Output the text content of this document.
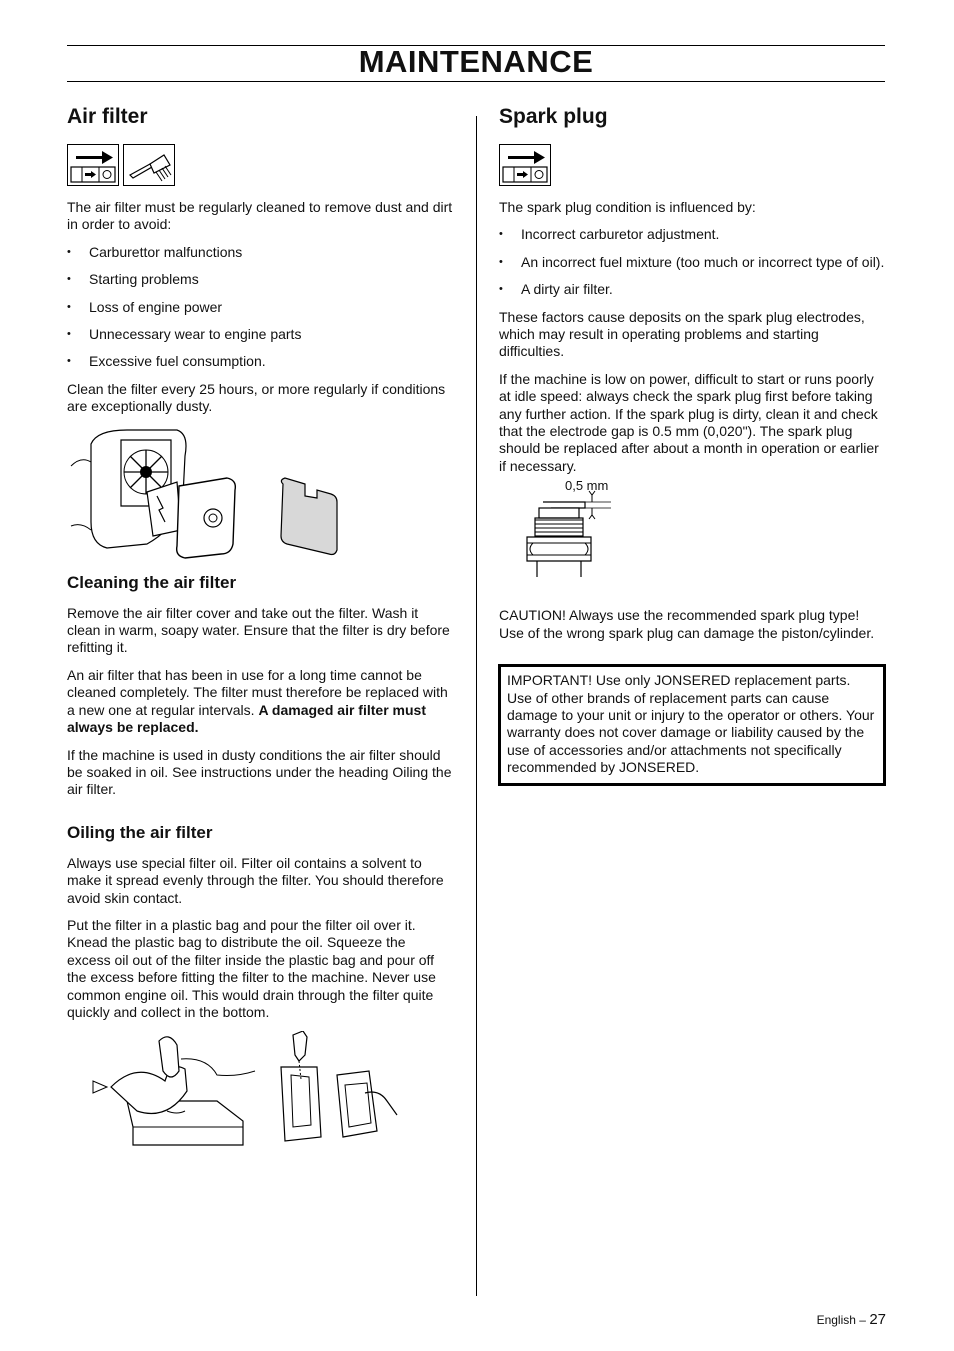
MAINTENANCE
Air filter

The air filter must be regularly cleaned to remove dust and dirt in order to avoid:

• Carburettor malfunctions
• Starting problems
• Loss of engine power
• Unnecessary wear to engine parts
• Excessive fuel consumption.

Clean the filter every 25 hours, or more regularly if conditions are exceptionally dusty.

Cleaning the air filter

Remove the air filter cover and take out the filter. Wash it clean in warm, soapy water. Ensure that the filter is dry before refitting it.

An air filter that has been in use for a long time cannot be cleaned completely. The filter must therefore be replaced with a new one at regular intervals. A damaged air filter must always be replaced.

If the machine is used in dusty conditions the air filter should be soaked in oil. See instructions under the heading Oiling the air filter.

Oiling the air filter

Always use special filter oil. Filter oil contains a solvent to make it spread evenly through the filter. You should therefore avoid skin contact.

Put the filter in a plastic bag and pour the filter oil over it. Knead the plastic bag to distribute the oil. Squeeze the excess oil out of the filter inside the plastic bag and pour off the excess before fitting the filter to the machine. Never use common engine oil. This would drain through the filter quite quickly and collect in the bottom.

Spark plug

The spark plug condition is influenced by:

• Incorrect carburetor adjustment.
• An incorrect fuel mixture (too much or incorrect type of oil).
• A dirty air filter.

These factors cause deposits on the spark plug electrodes, which may result in operating problems and starting difficulties.

If the machine is low on power, difficult to start or runs poorly at idle speed: always check the spark plug first before taking any further action. If the spark plug is dirty, clean it and check that the electrode gap is 0.5 mm (0,020"). The spark plug should be replaced after about a month in operation or earlier if necessary.

0,5 mm

CAUTION! Always use the recommended spark plug type! Use of the wrong spark plug can damage the piston/cylinder.

IMPORTANT! Use only JONSERED replacement parts. Use of other brands of replacement parts can cause damage to your unit or injury to the operator or others. Your warranty does not cover damage or liability caused by the use of accessories and/or attachments not specifically recommended by JONSERED.
English – 27
